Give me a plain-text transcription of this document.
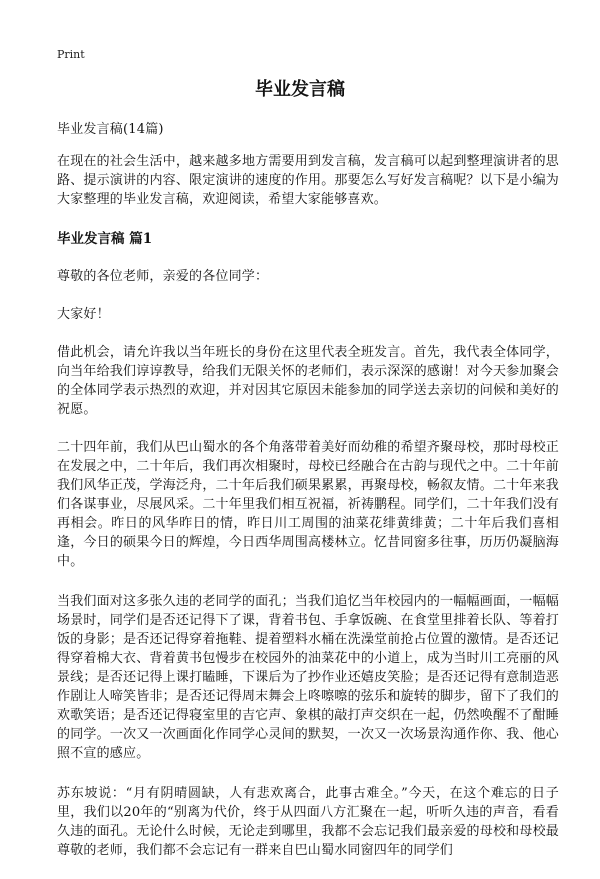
Print
毕业发言稿

毕业发言稿(14篇)

在现在的社会生活中，越来越多地方需要用到发言稿，发言稿可以起到整理演讲者的思路、提示演讲的内容、限定演讲的速度的作用。那要怎么写好发言稿呢？以下是小编为大家整理的毕业发言稿，欢迎阅读，希望大家能够喜欢。

毕业发言稿 篇1

尊敬的各位老师，亲爱的各位同学：

大家好！

借此机会，请允许我以当年班长的身份在这里代表全班发言。首先，我代表全体同学，向当年给我们谆谆教导，给我们无限关怀的老师们，表示深深的感谢！对今天参加聚会的全体同学表示热烈的欢迎，并对因其它原因未能参加的同学送去亲切的问候和美好的祝愿。

二十四年前，我们从巴山蜀水的各个角落带着美好而幼稚的希望齐聚母校，那时母校正在发展之中，二十年后，我们再次相聚时，母校已经融合在古韵与现代之中。二十年前我们风华正茂，学海泛舟，二十年后我们硕果累累，再聚母校，畅叙友情。二十年来我们各谋事业，尽展风采。二十年里我们相互祝福，祈祷鹏程。同学们，二十年我们没有再相会。昨日的风华昨日的情，昨日川工周围的油菜花绯黄绯黄；二十年后我们喜相逢，今日的硕果今日的辉煌，今日西华周围高楼林立。忆昔同窗多往事，历历仍凝脑海中。

当我们面对这多张久违的老同学的面孔；当我们追忆当年校园内的一幅幅画面，一幅幅场景时，同学们是否还记得下了课，背着书包、手拿饭碗、在食堂里排着长队、等着打饭的身影；是否还记得穿着拖鞋、提着塑料水桶在洗澡堂前抢占位置的激情。是否还记得穿着棉大衣、背着黄书包慢步在校园外的油菜花中的小道上，成为当时川工亮丽的风景线；是否还记得上课打瞌睡，下课后为了抄作业还嬉皮笑脸；是否还记得有意制造恶作剧让人啼笑皆非；是否还记得周末舞会上咚嚓嚓的弦乐和旋转的脚步，留下了我们的欢歌笑语；是否还记得寝室里的吉它声、象棋的敲打声交织在一起，仍然唤醒不了酣睡的同学。一次又一次画面化作同学心灵间的默契，一次又一次场景沟通作你、我、他心照不宣的感应。

苏东坡说：“月有阴晴圆缺，人有悲欢离合，此事古难全。”今天，在这个难忘的日子里，我们以20年的“别离为代价，终于从四面八方汇聚在一起，听听久违的声音，看看久违的面孔。无论什么时候，无论走到哪里，我都不会忘记我们最亲爱的母校和母校最尊敬的老师，我们都不会忘记有一群来自巴山蜀水同窗四年的同学们
